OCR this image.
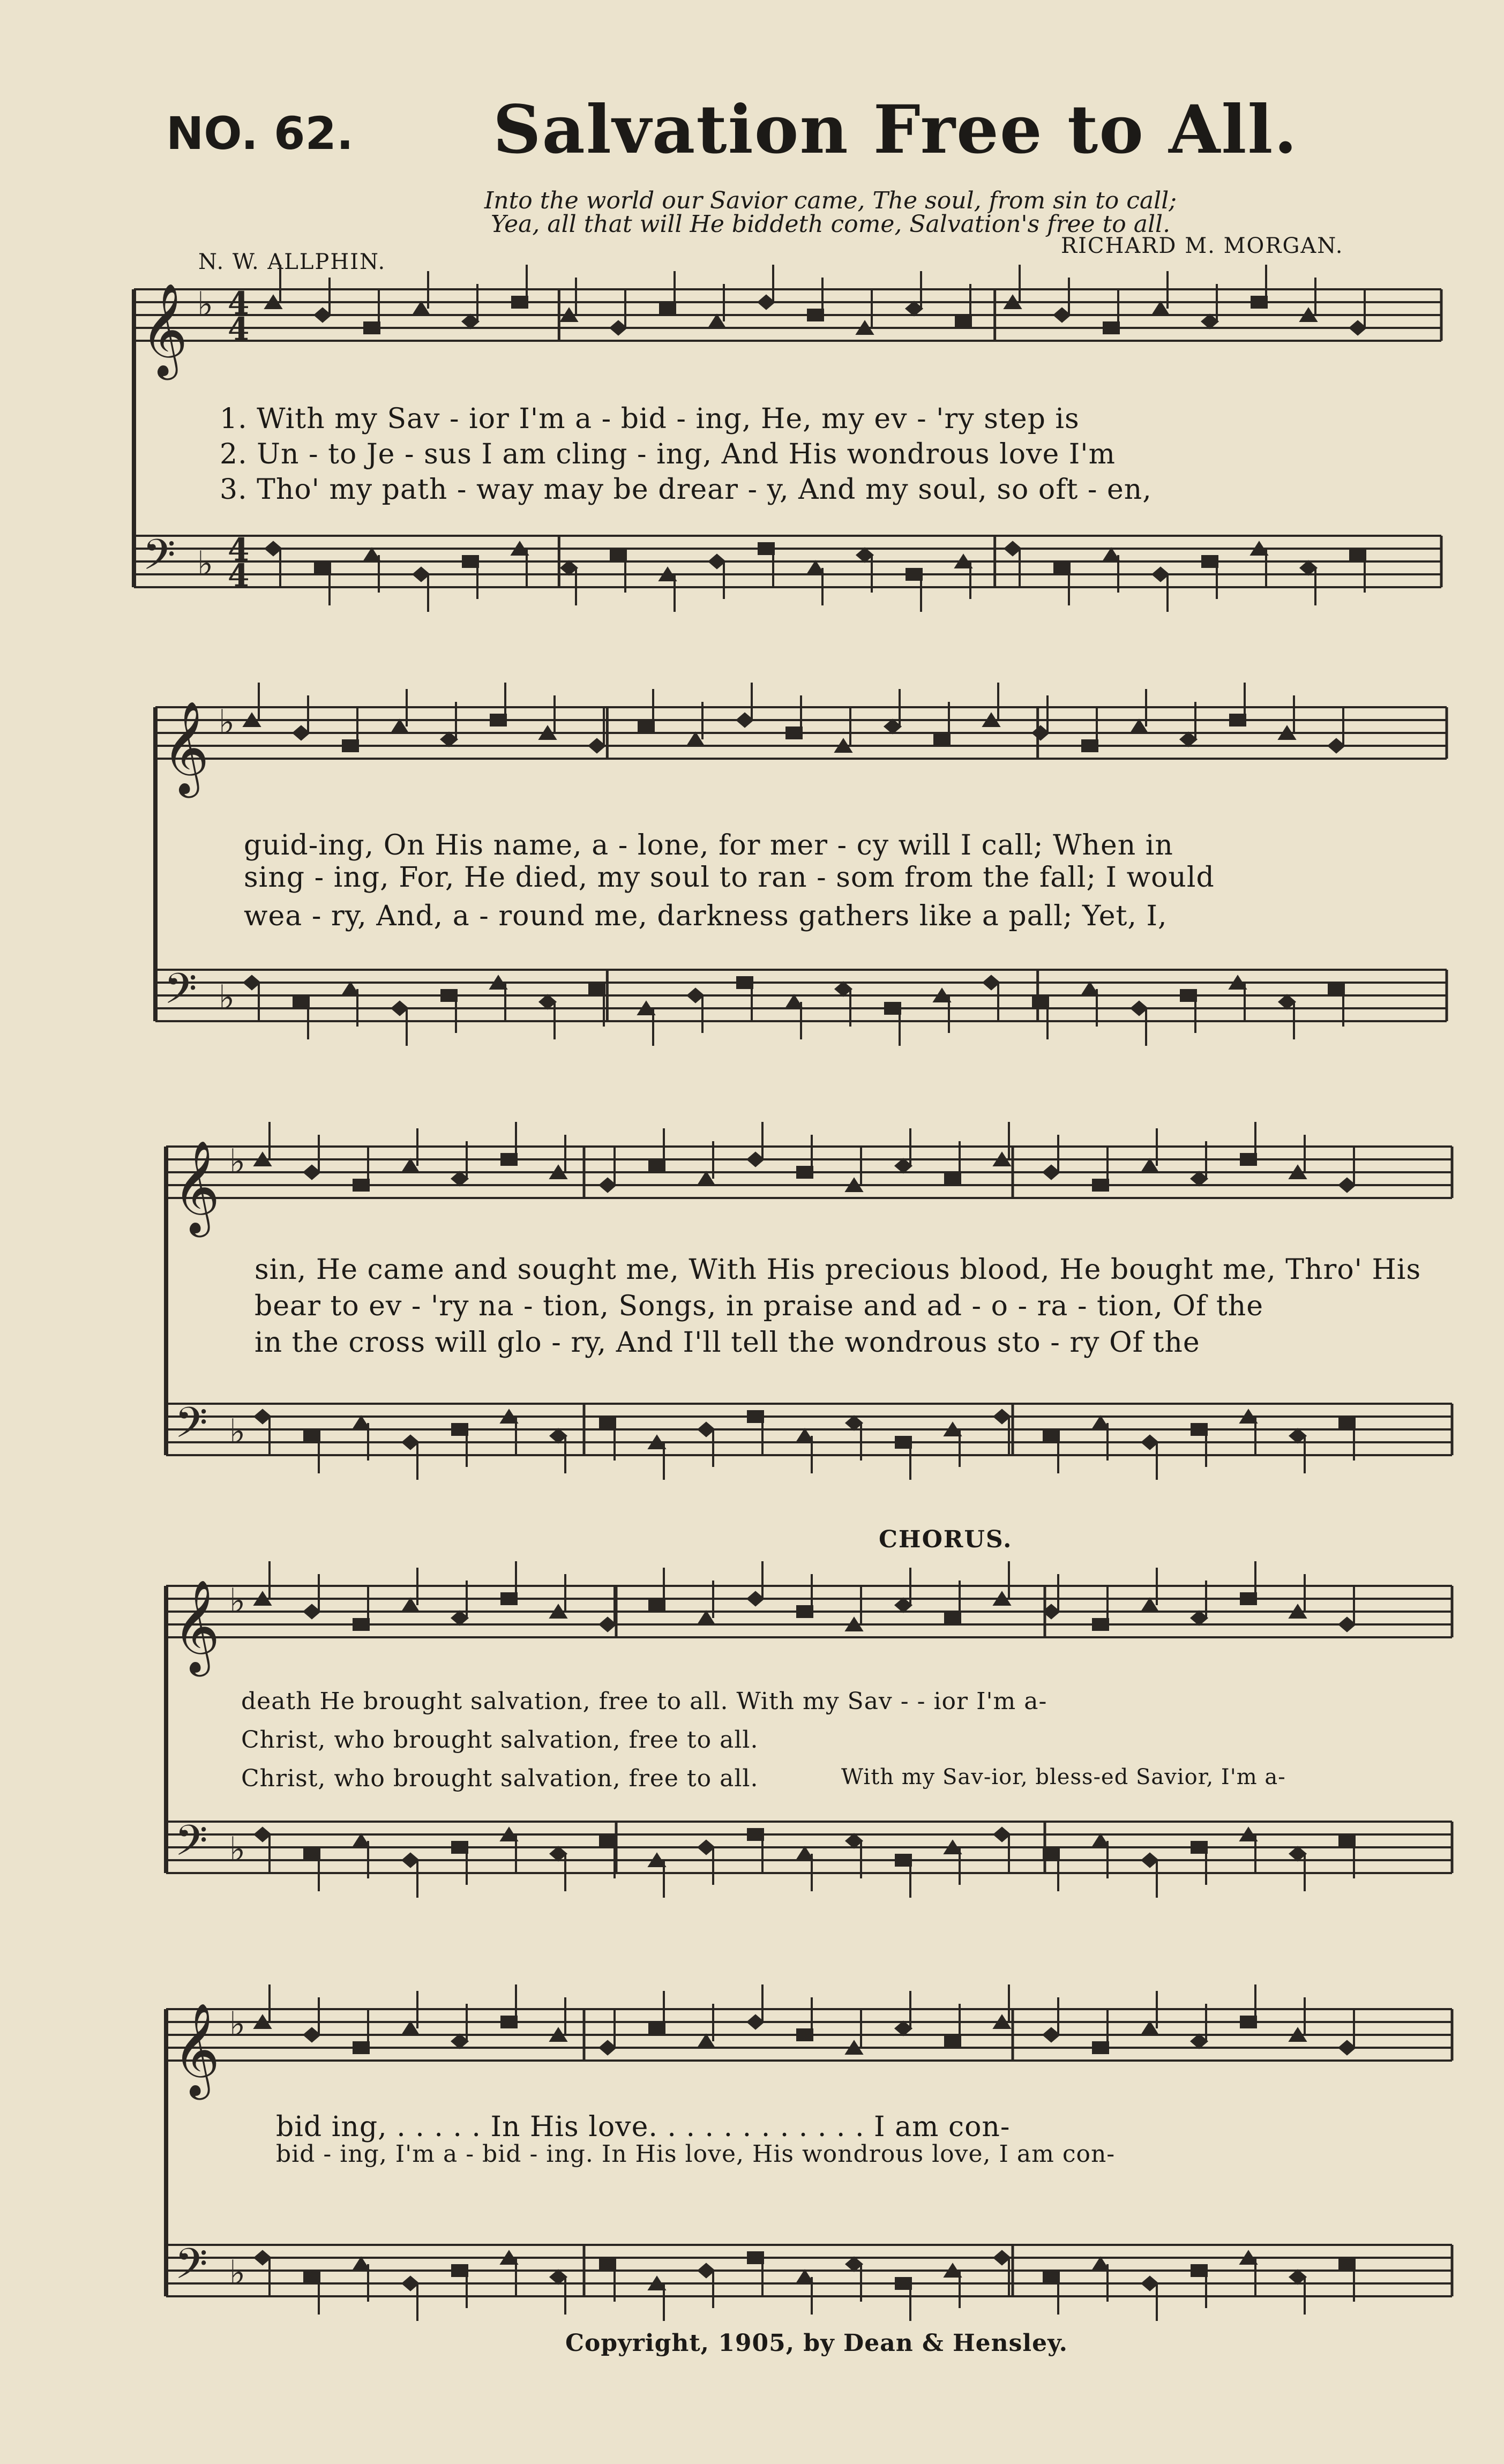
NO. 62. Salvation Free to All.
Into the world our Savior came, The soul, from sin to call;
Yea, all that will He biddeth come, Salvation's free to all.
N. W. ALLPHIN.
RICHARD M. MORGAN.
𝄞
𝄢
♭
♭
4
4
4
4
𝄞
𝄢
♭
♭
𝄞
𝄢
♭
♭
𝄞
𝄢
♭
♭
𝄞
𝄢
♭
♭
1. With my Sav - ior I'm a - bid - ing, He, my ev - 'ry step is
2. Un - to Je - sus I am cling - ing, And His wondrous love I'm
3. Tho' my path - way may be drear - y, And my soul, so oft - en,
guid-ing, On His name, a - lone, for mer - cy will I call; When in
sing - ing, For, He died, my soul to ran - som from the fall; I would
wea - ry, And, a - round me, darkness gathers like a pall; Yet, I,
sin, He came and sought me, With His precious blood, He bought me, Thro' His
bear to ev - 'ry na - tion, Songs, in praise and ad - o - ra - tion, Of the
in the cross will glo - ry, And I'll tell the wondrous sto - ry Of the
CHORUS.
death He brought salvation, free to all. With my Sav - - ior I'm a-
Christ, who brought salvation, free to all.
Christ, who brought salvation, free to all.	With my Sav-ior, bless-ed Savior, I'm a-
bid ing, . . . . . In His love. . . . . . . . . . . . I am con-
bid - ing, I'm a - bid - ing. In His love, His wondrous love, I am con-
Copyright, 1905, by Dean & Hensley.
